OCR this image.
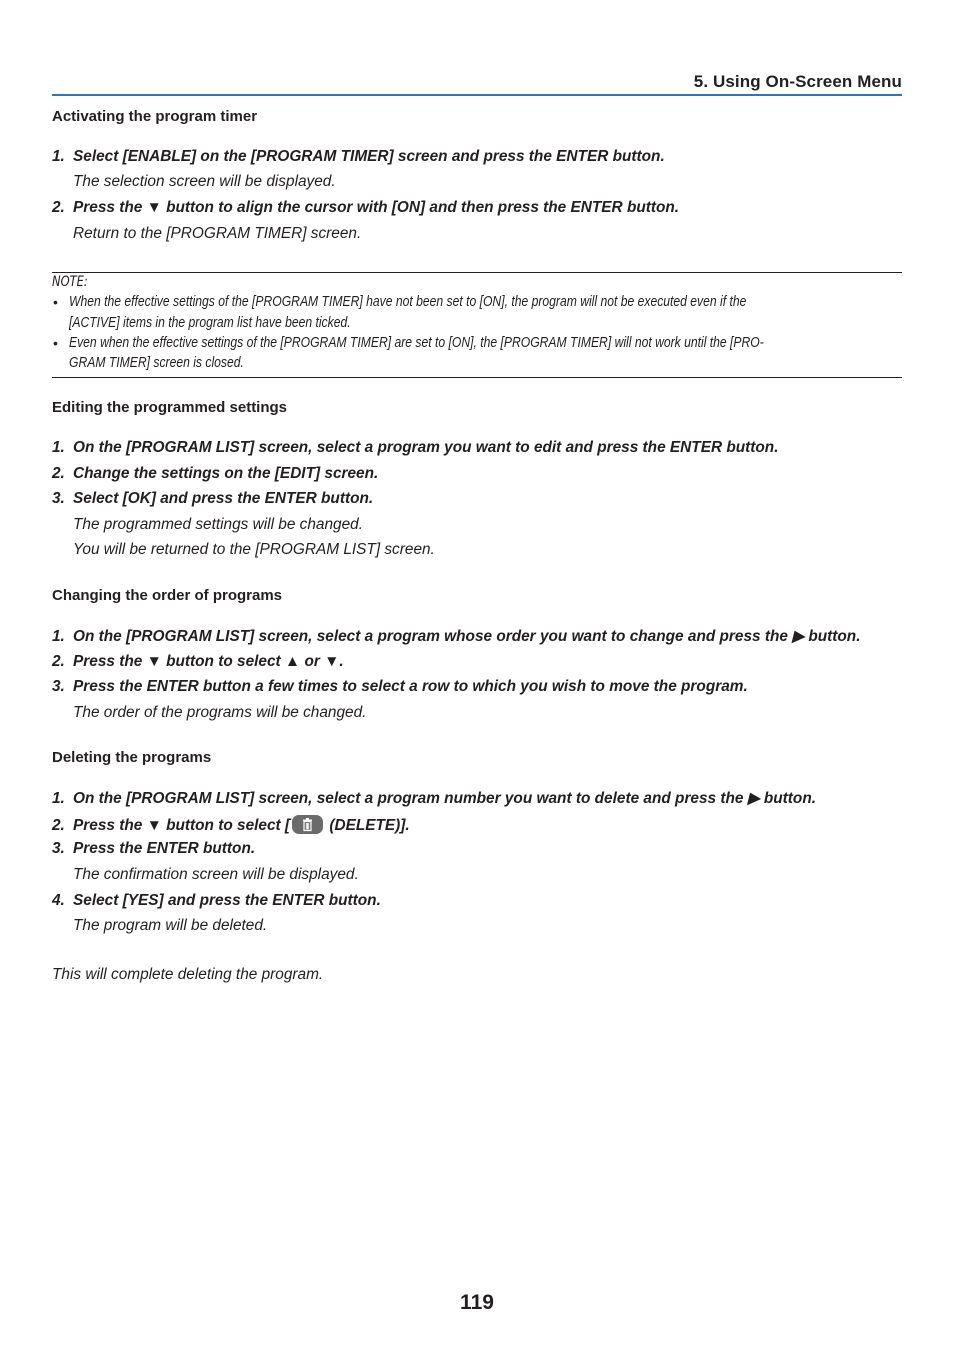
5. Using On-Screen Menu
Activating the program timer
1. Select [ENABLE] on the [PROGRAM TIMER] screen and press the ENTER button.
The selection screen will be displayed.
2. Press the ▼ button to align the cursor with [ON] and then press the ENTER button.
Return to the [PROGRAM TIMER] screen.
NOTE:
• When the effective settings of the [PROGRAM TIMER] have not been set to [ON], the program will not be executed even if the
[ACTIVE] items in the program list have been ticked.
• Even when the effective settings of the [PROGRAM TIMER] are set to [ON], the [PROGRAM TIMER] will not work until the [PRO-
GRAM TIMER] screen is closed.
Editing the programmed settings
1. On the [PROGRAM LIST] screen, select a program you want to edit and press the ENTER button.
2. Change the settings on the [EDIT] screen.
3. Select [OK] and press the ENTER button.
The programmed settings will be changed.
You will be returned to the [PROGRAM LIST] screen.
Changing the order of programs
1. On the [PROGRAM LIST] screen, select a program whose order you want to change and press the ▶ button.
2. Press the ▼ button to select ▲ or ▼.
3. Press the ENTER button a few times to select a row to which you wish to move the program.
The order of the programs will be changed.
Deleting the programs
1. On the [PROGRAM LIST] screen, select a program number you want to delete and press the ▶ button.
2. Press the ▼ button to select [
(DELETE)].
3. Press the ENTER button.
The confirmation screen will be displayed.
4. Select [YES] and press the ENTER button.
The program will be deleted.
This will complete deleting the program.
119
